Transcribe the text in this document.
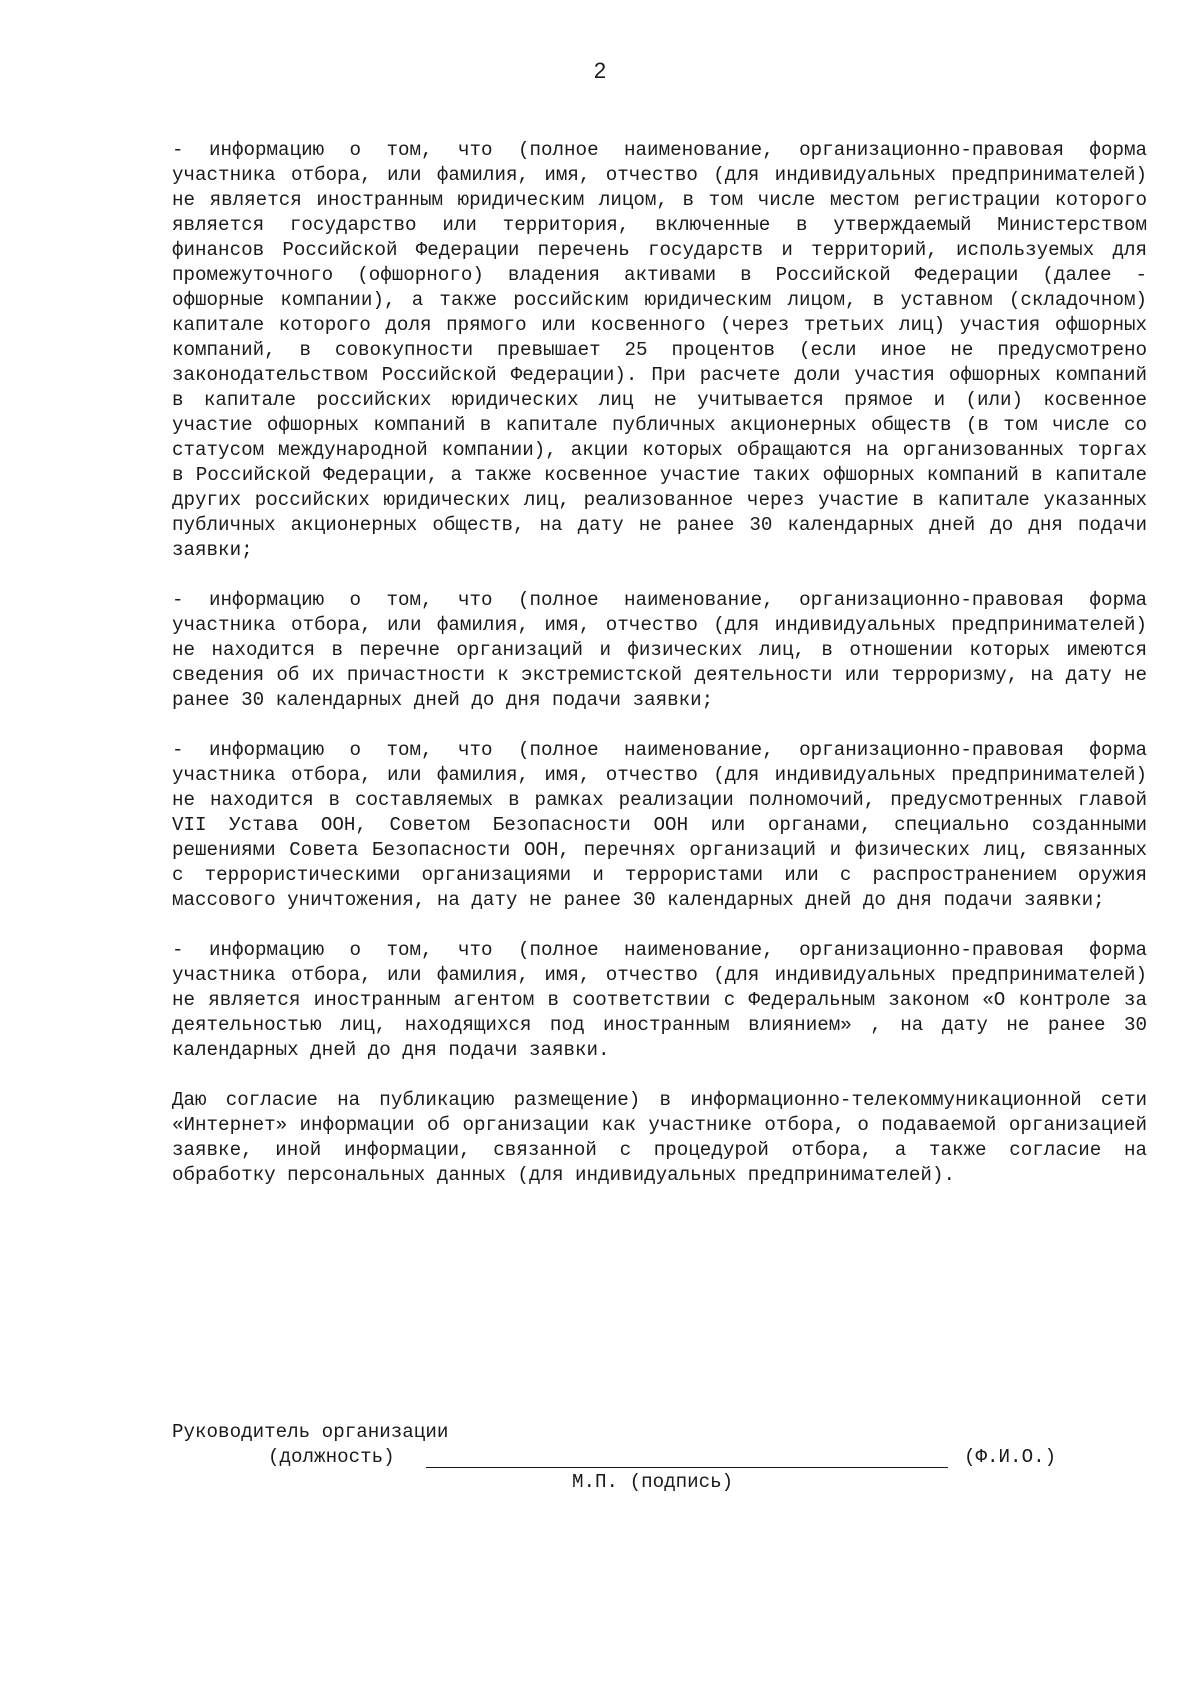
2

- информацию о том, что (полное наименование, организационно-правовая форма участника отбора, или фамилия, имя, отчество (для индивидуальных предпринимателей) не является иностранным юридическим лицом, в том числе местом регистрации которого является государство или территория, включенные в утверждаемый Министерством финансов Российской Федерации перечень государств и территорий, используемых для промежуточного (офшорного) владения активами в Российской Федерации (далее - офшорные компании), а также российским юридическим лицом, в уставном (складочном) капитале которого доля прямого или косвенного (через третьих лиц) участия офшорных компаний, в совокупности превышает 25 процентов (если иное не предусмотрено законодательством Российской Федерации). При расчете доли участия офшорных компаний в капитале российских юридических лиц не учитывается прямое и (или) косвенное участие офшорных компаний в капитале публичных акционерных обществ (в том числе со статусом международной компании), акции которых обращаются на организованных торгах в Российской Федерации, а также косвенное участие таких офшорных компаний в капитале других российских юридических лиц, реализованное через участие в капитале указанных публичных акционерных обществ, на дату не ранее 30 календарных дней до дня подачи заявки;

- информацию о том, что (полное наименование, организационно-правовая форма участника отбора, или фамилия, имя, отчество (для индивидуальных предпринимателей) не находится в перечне организаций и физических лиц, в отношении которых имеются сведения об их причастности к экстремистской деятельности или терроризму, на дату не ранее 30 календарных дней до дня подачи заявки;

- информацию о том, что (полное наименование, организационно-правовая форма участника отбора, или фамилия, имя, отчество (для индивидуальных предпринимателей) не находится в составляемых в рамках реализации полномочий, предусмотренных главой VII Устава ООН, Советом Безопасности ООН или органами, специально созданными решениями Совета Безопасности ООН, перечнях организаций и физических лиц, связанных с террористическими организациями и террористами или с распространением оружия массового уничтожения, на дату не ранее 30 календарных дней до дня подачи заявки;

- информацию о том, что (полное наименование, организационно-правовая форма участника отбора, или фамилия, имя, отчество (для индивидуальных предпринимателей) не является иностранным агентом в соответствии с Федеральным законом «О контроле за деятельностью лиц, находящихся под иностранным влиянием» , на дату не ранее 30 календарных дней до дня подачи заявки.

Даю согласие на публикацию размещение) в информационно-телекоммуникационной сети «Интернет» информации об организации как участнике отбора, о подаваемой организацией заявке, иной информации, связанной с процедурой отбора, а также согласие на обработку персональных данных (для индивидуальных предпринимателей).

Руководитель организации
(должность)	(Ф.И.О.)
М.П. (подпись)
